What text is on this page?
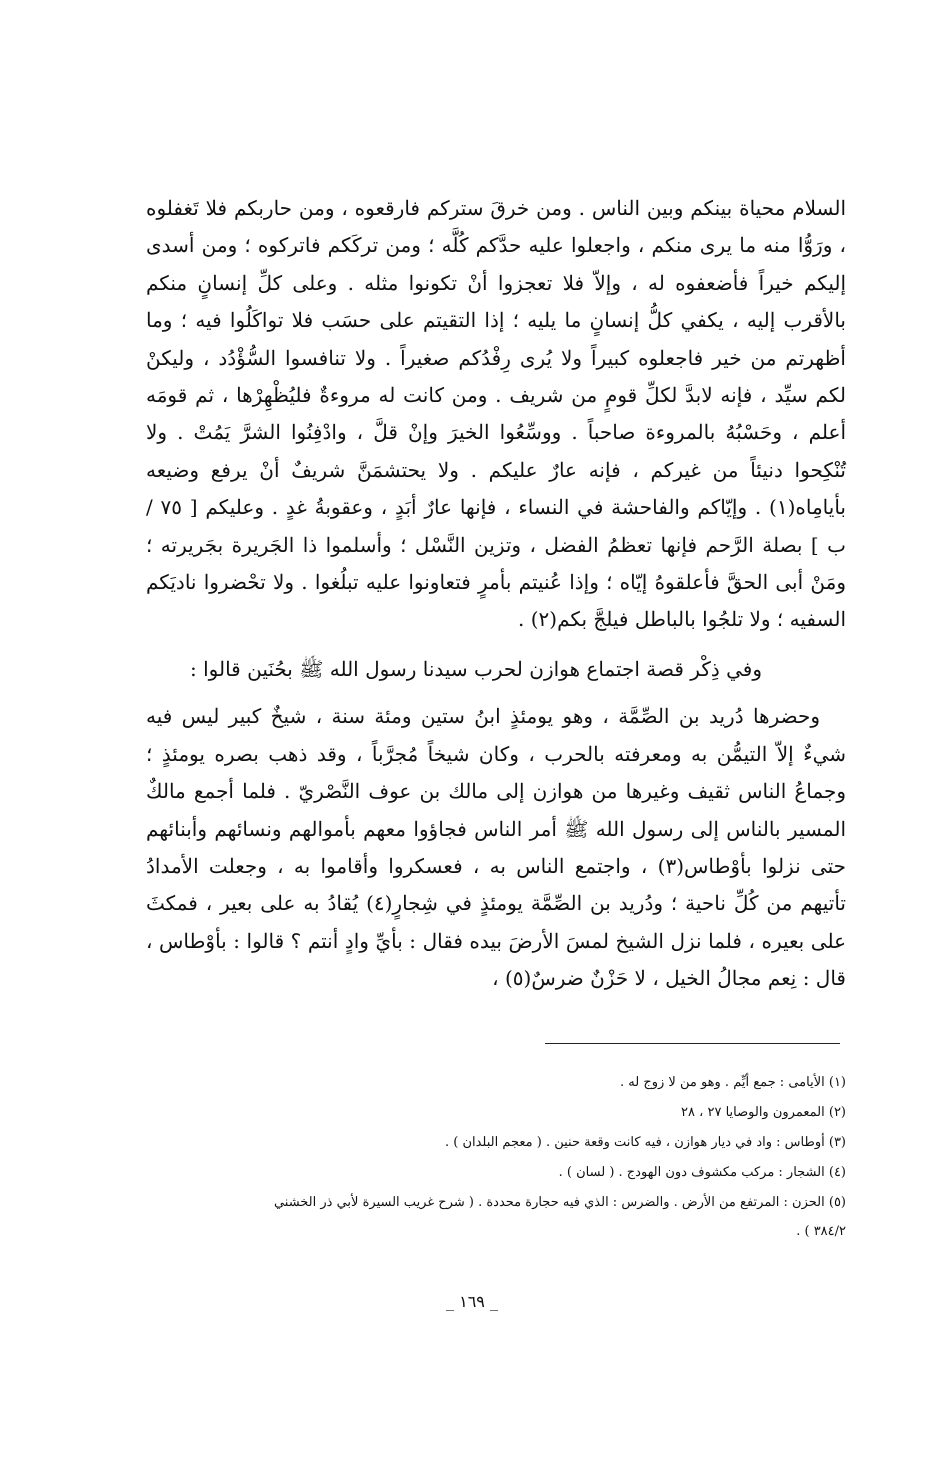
السلام محياة بينكم وبين الناس . ومن خرقَ ستركم فارقعوه ، ومن حاربكم فلا تَغفلوه ، ورَوُّا منه ما يرى منكم ، واجعلوا عليه حدَّكم كُلَّه ؛ ومن تركَكم فاتركوه ؛ ومن أسدى إليكم خيراً فأضعفوه له ، وإلاّ فلا تعجزوا أنْ تكونوا مثله . وعلى كلِّ إنسانٍ منكم بالأقرب إليه ، يكفي كلُّ إنسانٍ ما يليه ؛ إذا التقيتم على حسَب فلا تواكَلُوا فيه ؛ وما أظهرتم من خير فاجعلوه كبيراً ولا يُرى رِفْدُكم صغيراً . ولا تنافسوا السُّؤْدُد ، وليكنْ لكم سيِّد ، فإنه لابدَّ لكلِّ قومٍ من شريف . ومن كانت له مروءةٌ فليُظْهِرْها ، ثم قومَه أعلم ، وحَسْبُهُ بالمروءة صاحباً . ووسِّعُوا الخيرَ وإنْ قلَّ ، وادْفِنُوا الشرَّ يَمُتْ . ولا تُنْكِحوا دنيئاً من غيركم ، فإنه عارٌ عليكم . ولا يحتشمَنَّ شريفٌ أنْ يرفع وضيعه بأيامِاه(١) . وإيّاكم والفاحشة في النساء ، فإنها عارٌ أبَدٍ ، وعقوبةُ غدٍ . وعليكم [ ٧٥ / ب ] بصلة الرَّحم فإنها تعظمُ الفضل ، وتزين النَّسْل ؛ وأسلموا ذا الجَريرة بجَريرته ؛ ومَنْ أبى الحقَّ فأعلقوهُ إيّاه ؛ وإذا عُنيتم بأمرٍ فتعاونوا عليه تبلُغوا . ولا تحْضروا ناديَكم السفيه ؛ ولا تلجُوا بالباطل فيلجَّ بكم(٢) .

وفي ذِكْر قصة اجتماع هوازن لحرب سيدنا رسول الله ﷺ بحُنَين قالوا :

وحضرها دُريد بن الصِّمَّة ، وهو يومئذٍ ابنُ ستين ومئة سنة ، شيخٌ كبير ليس فيه شيءٌ إلاّ التيمُّن به ومعرفته بالحرب ، وكان شيخاً مُجرَّباً ، وقد ذهب بصره يومئذٍ ؛ وجماعُ الناس ثقيف وغيرها من هوازن إلى مالك بن عوف النَّصْريّ . فلما أجمع مالكٌ المسير بالناس إلى رسول الله ﷺ أمر الناس فجاؤوا معهم بأموالهم ونسائهم وأبنائهم حتى نزلوا بأوْطاس(٣) ، واجتمع الناس به ، فعسكروا وأقاموا به ، وجعلت الأمدادُ تأتيهم من كُلِّ ناحية ؛ ودُريد بن الصِّمَّة يومئذٍ في شِجارٍ(٤) يُقادُ به على بعير ، فمكثَ على بعيره ، فلما نزل الشيخ لمسَ الأرضَ بيده فقال : بأيِّ وادٍ أنتم ؟ قالوا : بأوْطاس ، قال : نِعم مجالُ الخيل ، لا حَزْنٌ ضرسٌ(٥) ،

(١) الأيامى : جمع أيِّم . وهو من لا زوج له .

(٢) المعمرون والوصايا ٢٧ ، ٢٨

(٣) أوطاس : واد في ديار هوازن ، فيه كانت وقعة حنين . ( معجم البلدان ) .

(٤) الشجار : مركب مكشوف دون الهودج . ( لسان ) .

(٥) الحزن : المرتفع من الأرض . والضرس : الذي فيه حجارة محددة . ( شرح غريب السيرة لأبي ذر الخشني

٣٨٤/٢ ) .

_ ١٦٩ _
